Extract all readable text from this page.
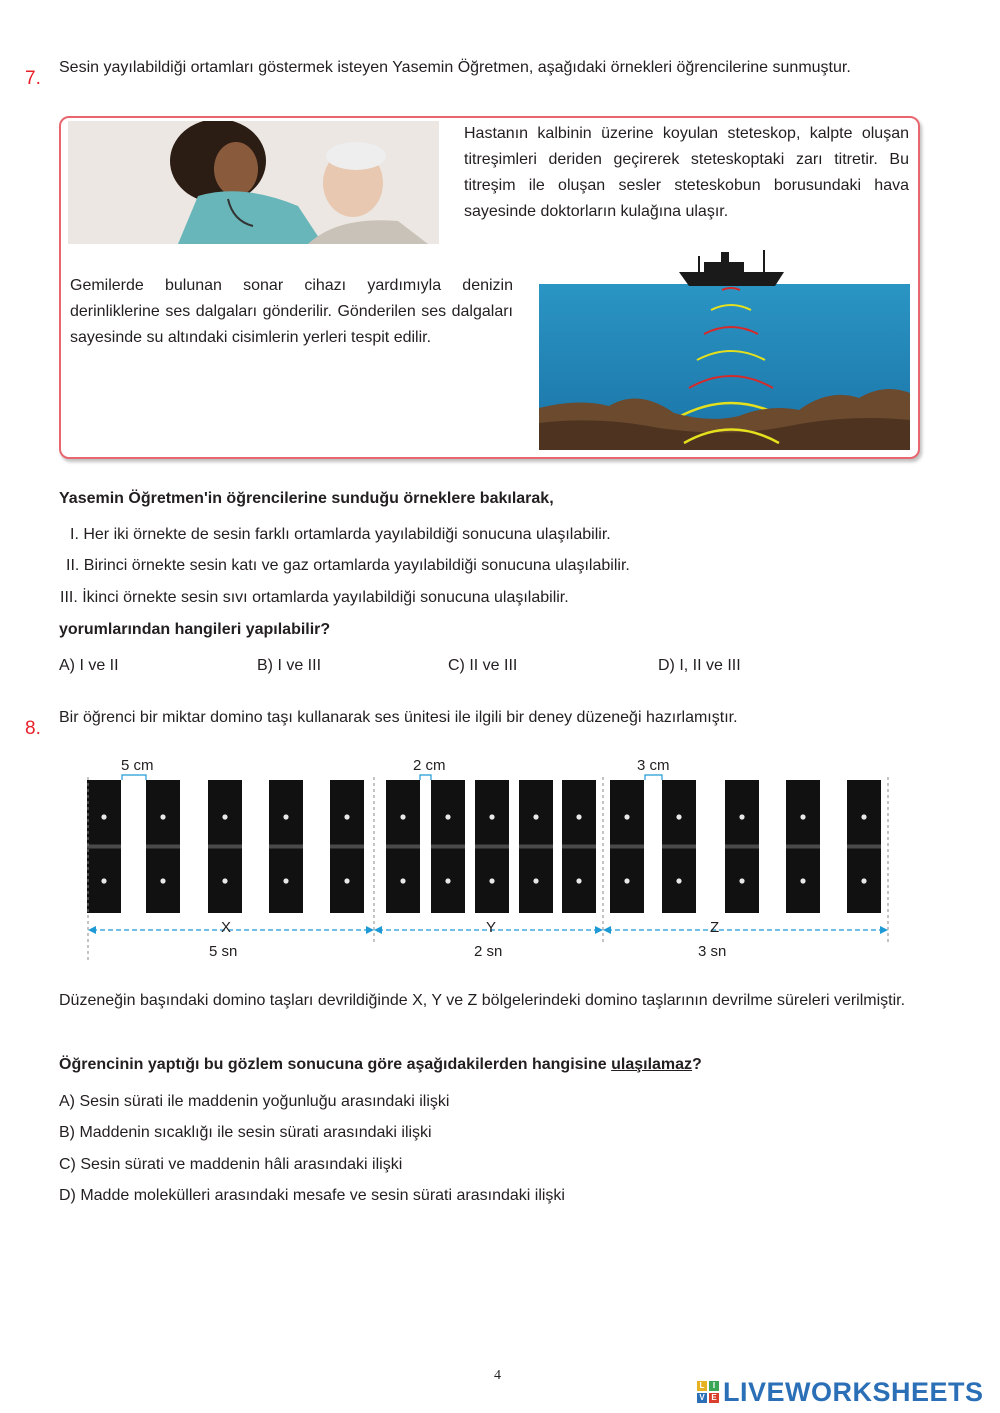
7.
Sesin yayılabildiği ortamları göstermek isteyen Yasemin Öğretmen, aşağıdaki örnekleri öğrencilerine sunmuştur.
Hastanın kalbinin üzerine koyulan steteskop, kalpte oluşan titreşimleri deriden geçirerek steteskoptaki zarı titretir. Bu titreşim ile oluşan sesler steteskobun borusundaki hava sayesinde doktorların kulağına ulaşır.
Gemilerde bulunan sonar cihazı yardımıyla denizin derinliklerine ses dalgaları gönderilir. Gönderilen ses dalgaları sayesinde su altındaki cisimlerin yerleri tespit edilir.
Yasemin Öğretmen'in öğrencilerine sunduğu örneklere bakılarak,
I. Her iki örnekte de sesin farklı ortamlarda yayılabildiği sonucuna ulaşılabilir.
II. Birinci örnekte sesin katı ve gaz ortamlarda yayılabildiği sonucuna ulaşılabilir.
III. İkinci örnekte sesin sıvı ortamlarda yayılabildiği sonucuna ulaşılabilir.
yorumlarından hangileri yapılabilir?
A) I ve II	B) I ve III	C) II ve III	D) I, II ve III
8.
Bir öğrenci bir miktar domino taşı kullanarak ses ünitesi ile ilgili bir deney düzeneği hazırlamıştır.
5 cm	2 cm	3 cm
X	Y	Z
5 sn	2 sn	3 sn
Düzeneğin başındaki domino taşları devrildiğinde X, Y ve Z bölgelerindeki domino taşlarının devrilme süreleri verilmiştir.
Öğrencinin yaptığı bu gözlem sonucuna göre aşağıdakilerden hangisine ulaşılamaz?
A) Sesin sürati ile maddenin yoğunluğu arasındaki ilişki
B) Maddenin sıcaklığı ile sesin sürati arasındaki ilişki
C) Sesin sürati ve maddenin hâli arasındaki ilişki
D) Madde molekülleri arasındaki mesafe ve sesin sürati arasındaki ilişki
4
L	I
V E LIVEWORKSHEETS
